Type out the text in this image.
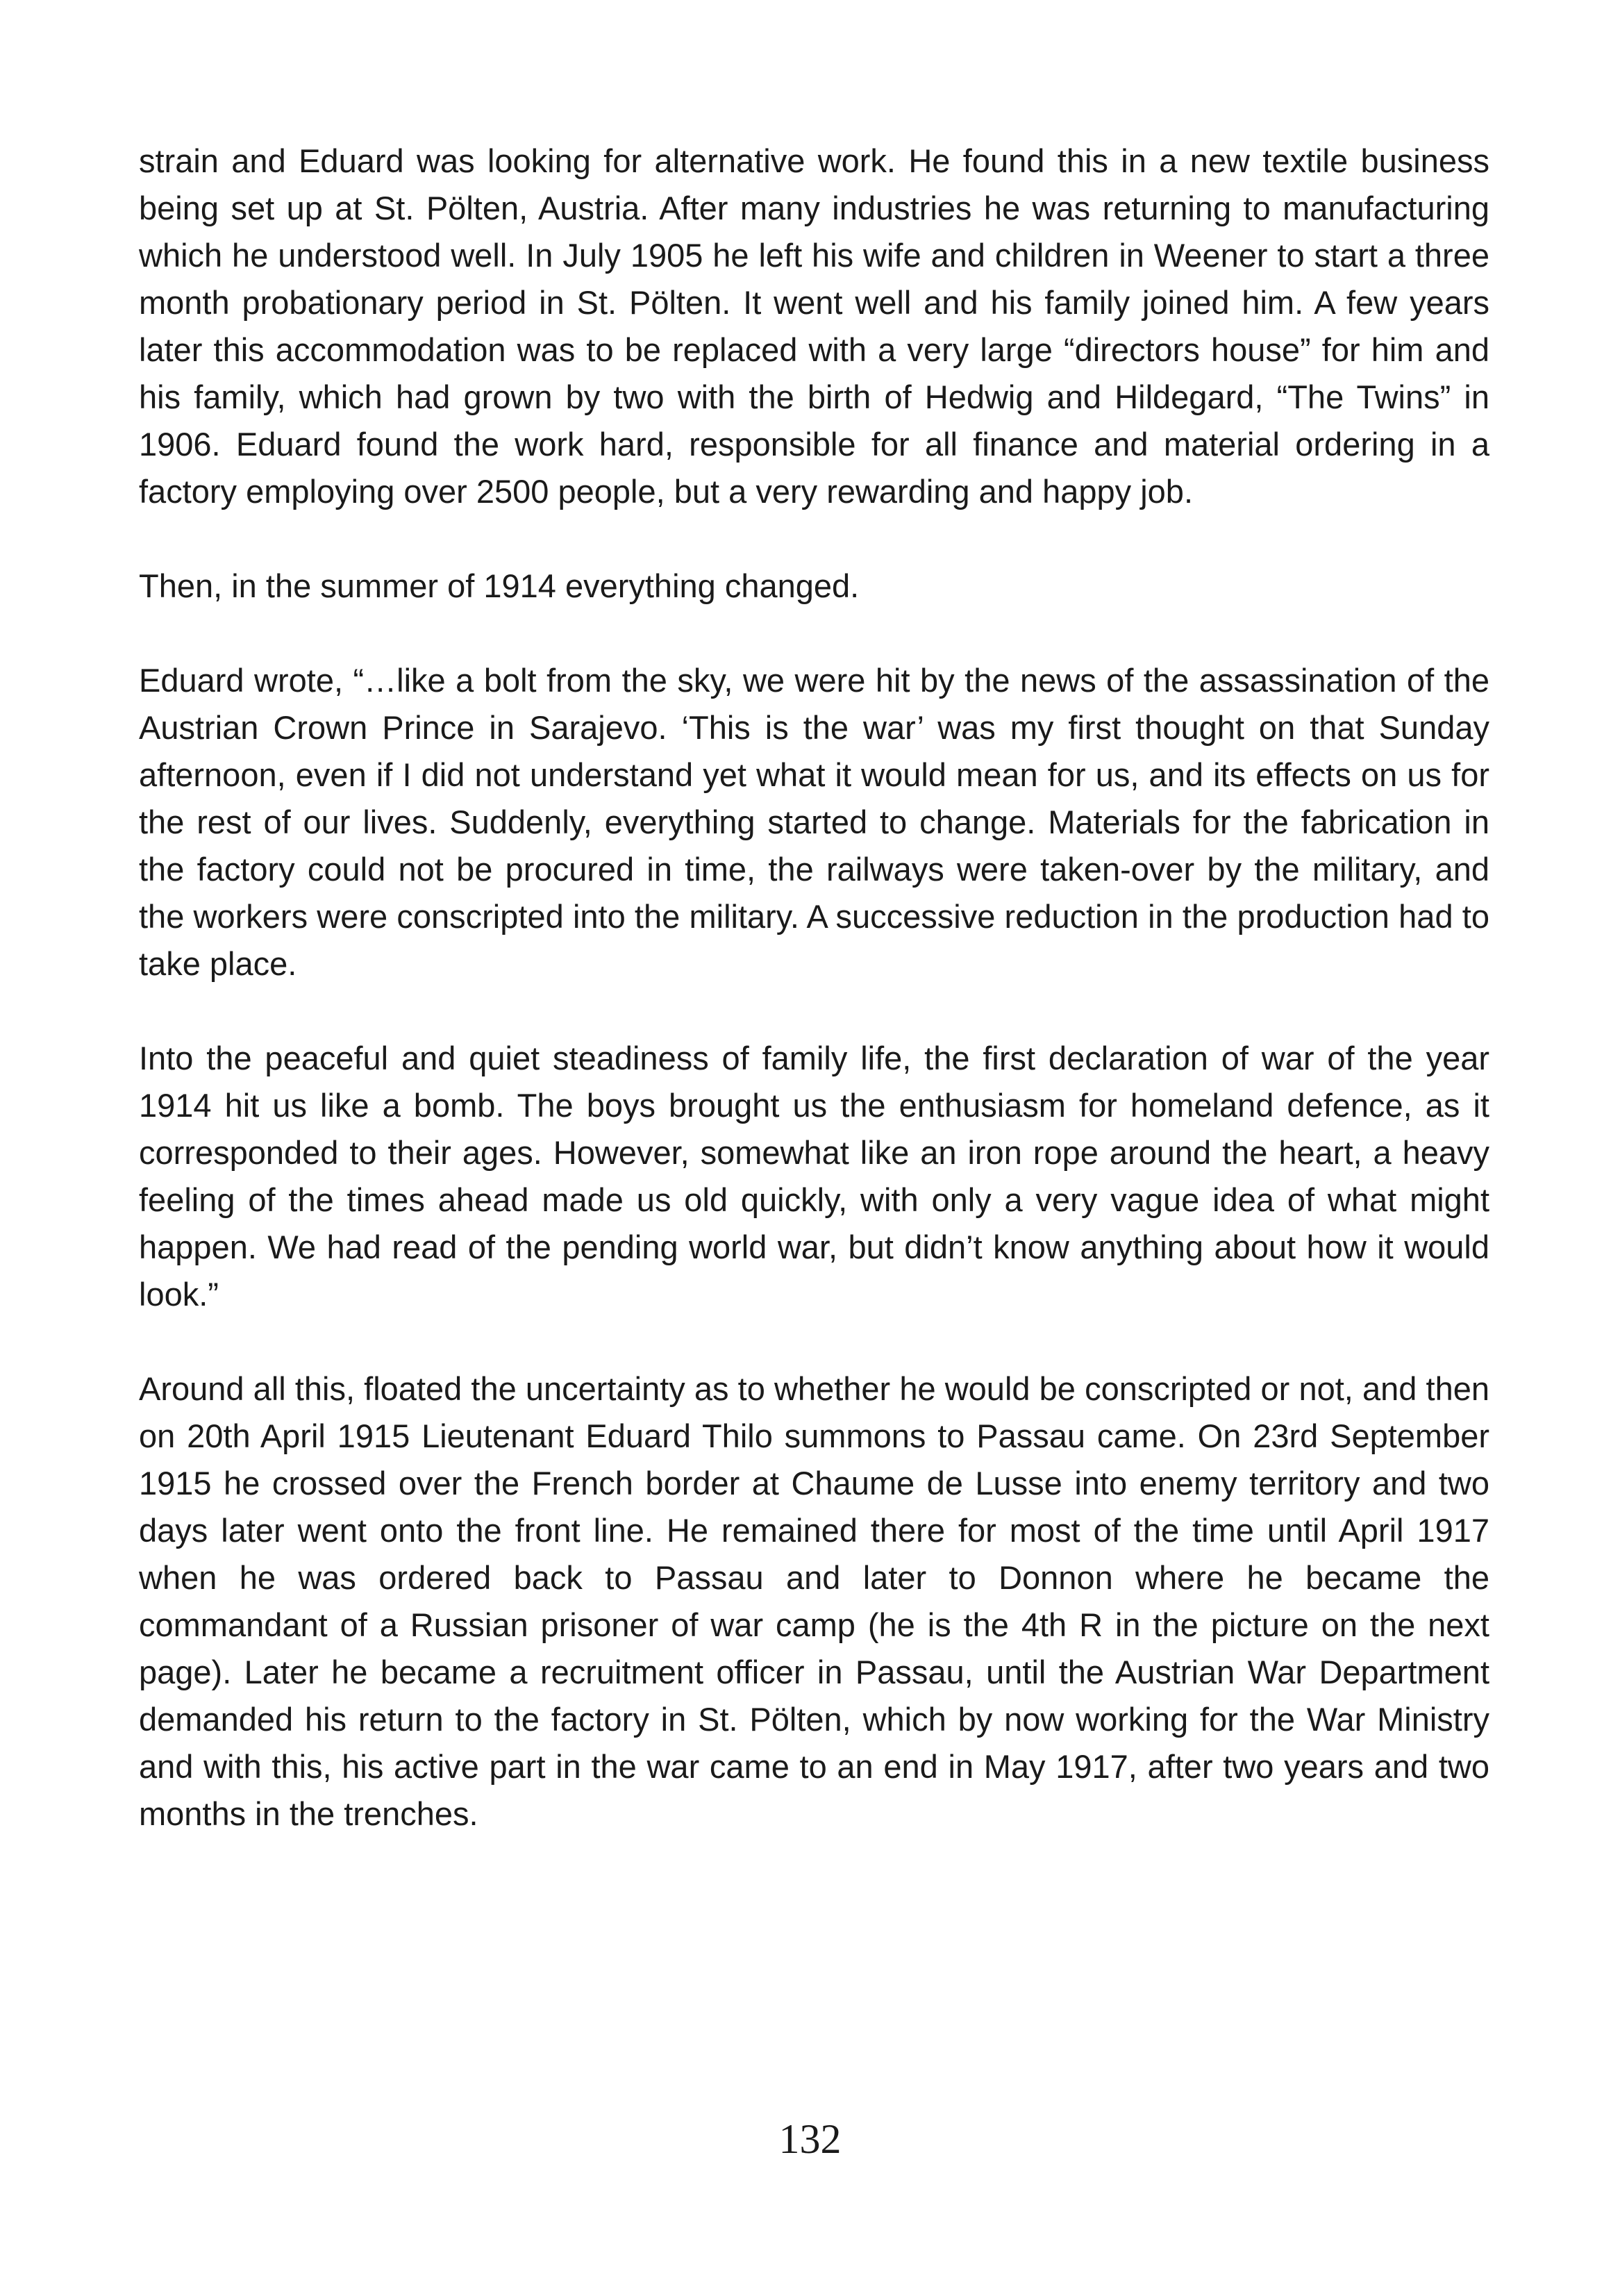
strain and Eduard was looking for alternative work. He found this in a new textile business being set up at St. Pölten, Austria. After many industries he was returning to manufacturing which he understood well. In July 1905 he left his wife and children in Weener to start a three month probationary period in St. Pölten. It went well and his family joined him. A few years later this accommodation was to be replaced with a very large “directors house” for him and his family, which had grown by two with the birth of Hedwig and Hildegard, “The Twins” in 1906. Eduard found the work hard, responsible for all finance and material ordering in a factory employing over 2500 people, but a very rewarding and happy job.

Then, in the summer of 1914 everything changed.

Eduard wrote, “…like a bolt from the sky, we were hit by the news of the assassination of the Austrian Crown Prince in Sarajevo. ‘This is the war’ was my first thought on that Sunday afternoon, even if I did not understand yet what it would mean for us, and its effects on us for the rest of our lives. Suddenly, everything started to change. Materials for the fabrication in the factory could not be procured in time, the railways were taken-over by the military, and the workers were conscripted into the military. A successive reduction in the production had to take place.

Into the peaceful and quiet steadiness of family life, the first declaration of war of the year 1914 hit us like a bomb. The boys brought us the enthusiasm for homeland defence, as it corresponded to their ages. However, somewhat like an iron rope around the heart, a heavy feeling of the times ahead made us old quickly, with only a very vague idea of what might happen. We had read of the pending world war, but didn’t know anything about how it would look.”

Around all this, floated the uncertainty as to whether he would be conscripted or not, and then on 20th April 1915 Lieutenant Eduard Thilo summons to Passau came. On 23rd September 1915 he crossed over the French border at Chaume de Lusse into enemy territory and two days later went onto the front line. He remained there for most of the time until April 1917 when he was ordered back to Passau and later to Donnon where he became the commandant of a Russian prisoner of war camp (he is the 4th R in the picture on the next page). Later he became a recruitment officer in Passau, until the Austrian War Department demanded his return to the factory in St. Pölten, which by now working for the War Ministry and with this, his active part in the war came to an end in May 1917, after two years and two months in the trenches.

132
